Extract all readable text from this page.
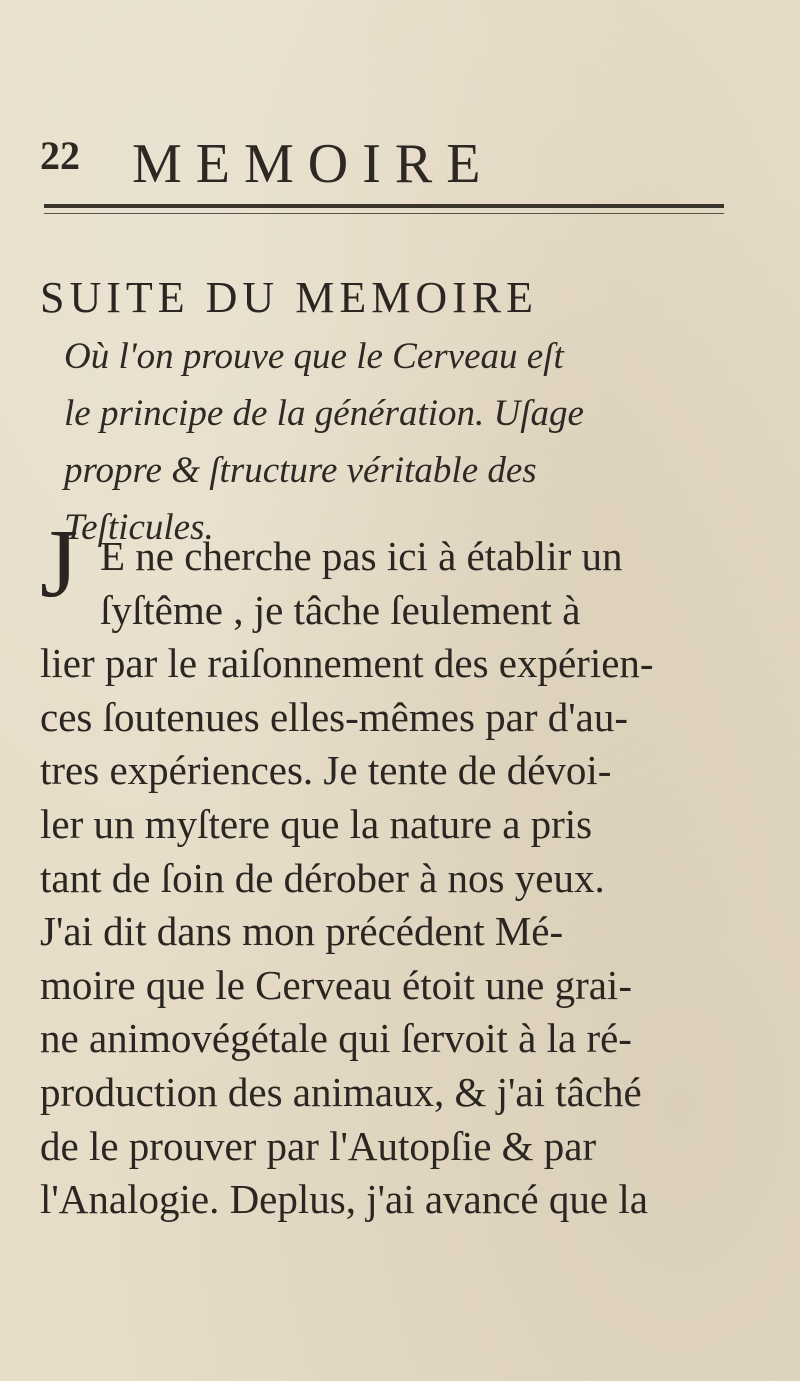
22 MEMOIRE
SUITE DU MEMOIRE
Où l'on prouve que le Cerveau eſt
le principe de la génération. Uſage
propre & ſtructure véritable des
Teſticules.
J E ne cherche pas ici à établir un
ſyſtême , je tâche ſeulement à
lier par le raiſonnement des expérien-
ces ſoutenues elles-mêmes par d'au-
tres expériences. Je tente de dévoi-
ler un myſtere que la nature a pris
tant de ſoin de dérober à nos yeux.
J'ai dit dans mon précédent Mé-
moire que le Cerveau étoit une grai-
ne animovégétale qui ſervoit à la ré-
production des animaux, & j'ai tâché
de le prouver par l'Autopſie & par
l'Analogie. Deplus, j'ai avancé que la
